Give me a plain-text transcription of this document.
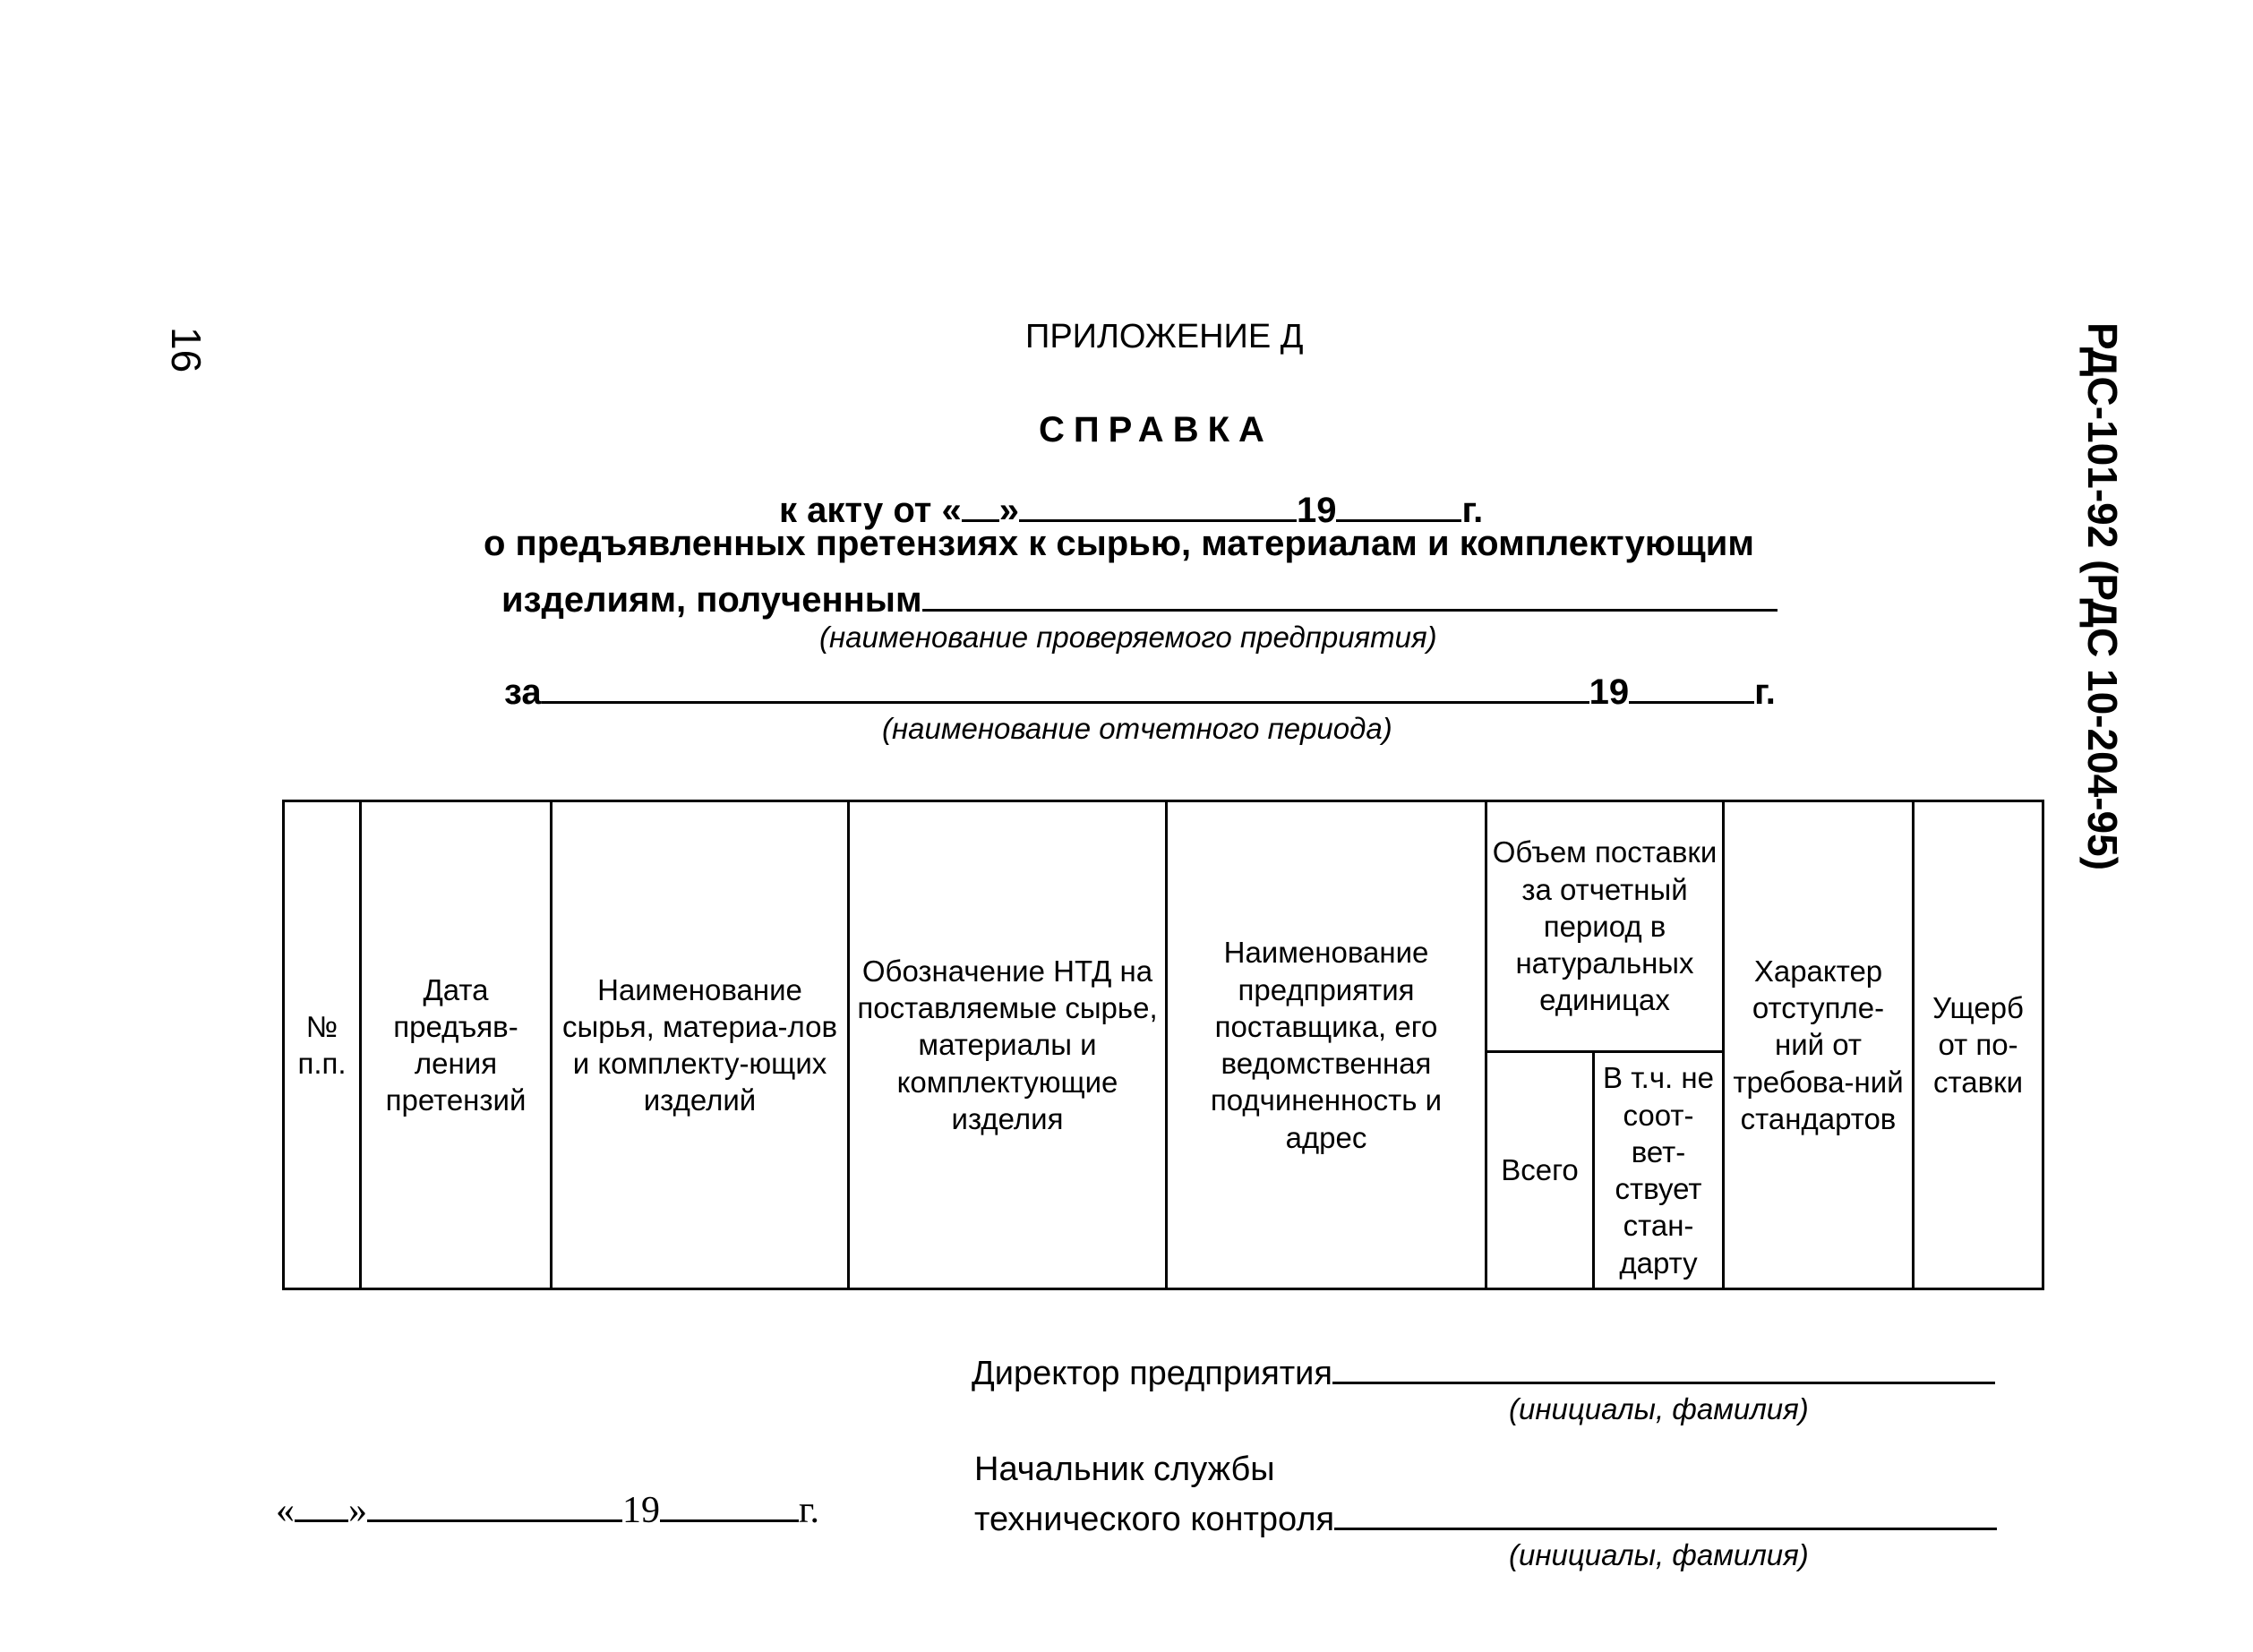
16	РДС-101-92 (РДС 10-204-95)
ПРИЛОЖЕНИЕ Д
СПРАВКА
к акту от « »	19	г.
о предъявленных претензиях к сырью, материалам и комплектующим
изделиям, полученным
(наименование проверяемого предприятия)
за	19	г.
(наименование отчетного периода)
№ п.п.	Дата предъяв-ления претензий	Наименование сырья, материа-лов и комплекту-ющих изделий	Обозначение НТД на поставляемые сырье, материалы и комплектующие изделия	Наименование предприятия поставщика, его ведомственная подчиненность и адрес	Объем поставки за отчетный период в натуральных единицах		Характер отступле-ний от требова-ний стандартов	Ущерб от по-ставки
					Всего	В т.ч. не соот-вет-ствует стан-дарту		
Директор предприятия
(инициалы, фамилия)
Начальник службы
технического контроля
(инициалы, фамилия)
« »	19	г.
